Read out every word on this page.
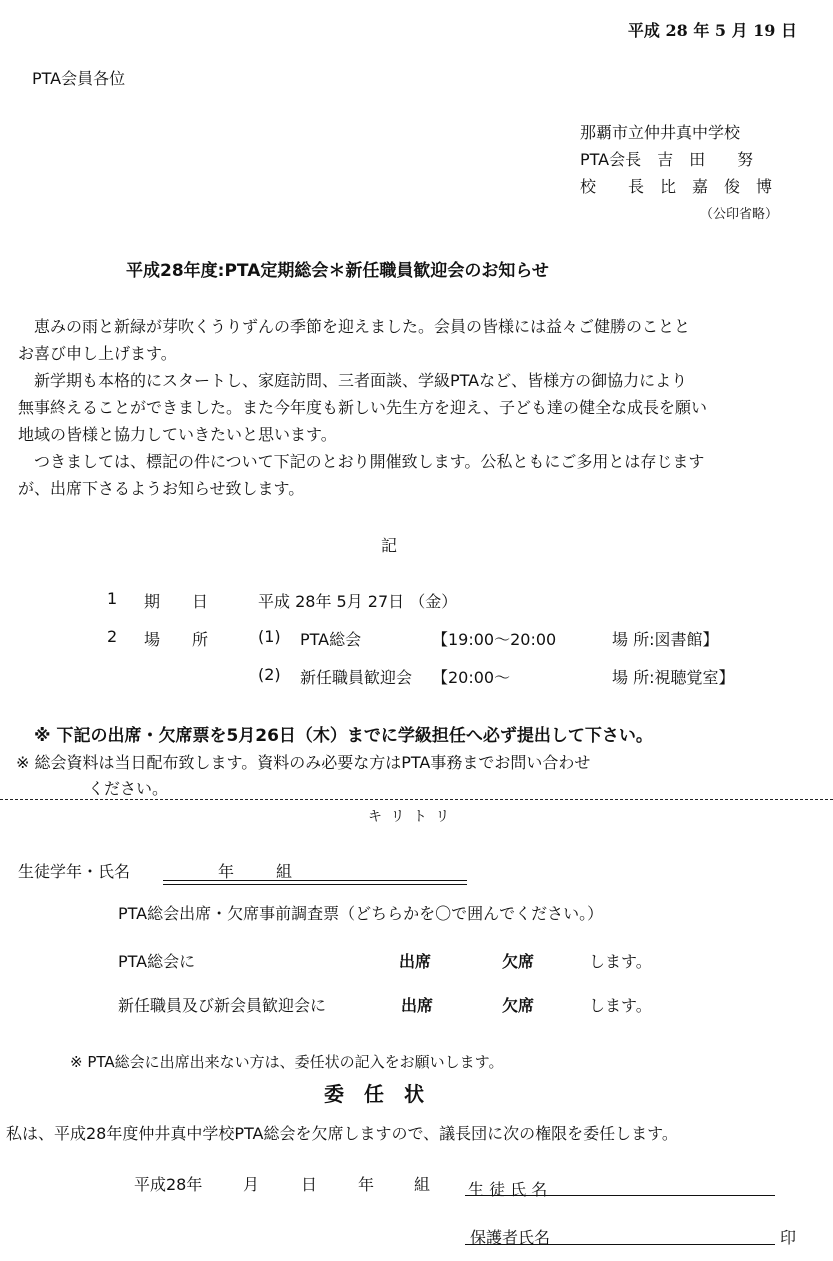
平成 28 年 5 月 19 日
PTA会員各位
那覇市立仲井真中学校
PTA会長　吉　田　　努
校　　長　比　嘉　俊　博
（公印省略）
平成28年度:PTA定期総会＊新任職員歓迎会のお知らせ
　恵みの雨と新緑が芽吹くうりずんの季節を迎えました。会員の皆様には益々ご健勝のことと
お喜び申し上げます。
　新学期も本格的にスタートし、家庭訪問、三者面談、学級PTAなど、皆様方の御協力により
無事終えることができました。また今年度も新しい先生方を迎え、子ども達の健全な成長を願い
地域の皆様と協力していきたいと思います。
　つきましては、標記の件について下記のとおり開催致します。公私ともにご多用とは存じます
が、出席下さるようお知らせ致します。
記
1 期　　日	平成 28年 5月 27日 （金）
2 場　　所	(1) PTA総会	【19:00～20:00	場 所:図書館】
(2) 新任職員歓迎会 【20:00～	場 所:視聴覚室】
※ 下記の出席・欠席票を5月26日（木）までに学級担任へ必ず提出して下さい。
※ 総会資料は当日配布致します。資料のみ必要な方はPTA事務までお問い合わせ
ください。
キ リ ト リ
生徒学年・氏名	年	組
PTA総会出席・欠席事前調査票（どちらかを〇で囲んでください。）
PTA総会に	出席	欠席	します。
新任職員及び新会員歓迎会に	出席	欠席	します。
※ PTA総会に出席出来ない方は、委任状の記入をお願いします。
委　任　状
私は、平成28年度仲井真中学校PTA総会を欠席しますので、議長団に次の権限を委任します。
平成28年	月	日	年 組 生 徒 氏 名
保護者氏名	印
